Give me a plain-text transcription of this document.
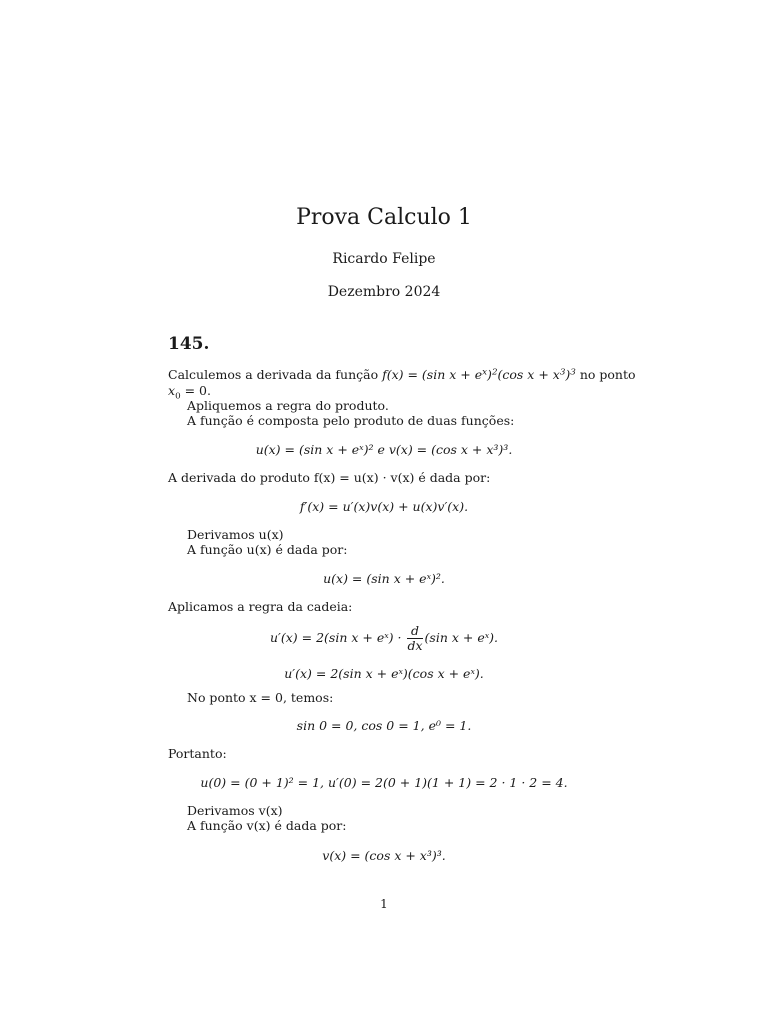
Prova Calculo 1
Ricardo Felipe
Dezembro 2024
145.
Calculemos a derivada da função f(x) = (sin $x + e^x)^2(\cos$ $x + x^3)^3$ no ponto
$x_0 = 0$.
Apliquemos a regra do produto.
A função é composta pelo produto de duas funções:
u(x) = (sin x + eˣ)² e v(x) = (cos x + x³)³.
A derivada do produto f(x) = u(x) · v(x) é dada por:
f′(x) = u′(x)v(x) + u(x)v′(x).
Derivamos u(x)
A função u(x) é dada por:
u(x) = (sin x + eˣ)².
Aplicamos a regra da cadeia:
u′(x) = 2(sin x + eˣ) · $\frac{d}{dx} (\sin$ x + eˣ).
u′(x) = 2(sin x + eˣ)(cos x + eˣ).
No ponto x = 0, temos:
sin 0 = 0, cos 0 = 1, e⁰ = 1.
Portanto:
u(0) = (0 + 1)² = 1, u′(0) = 2(0 + 1)(1 + 1) = 2 · 1 · 2 = 4.
Derivamos v(x)
A função v(x) é dada por:
v(x) = (cos x + x³)³.
1
